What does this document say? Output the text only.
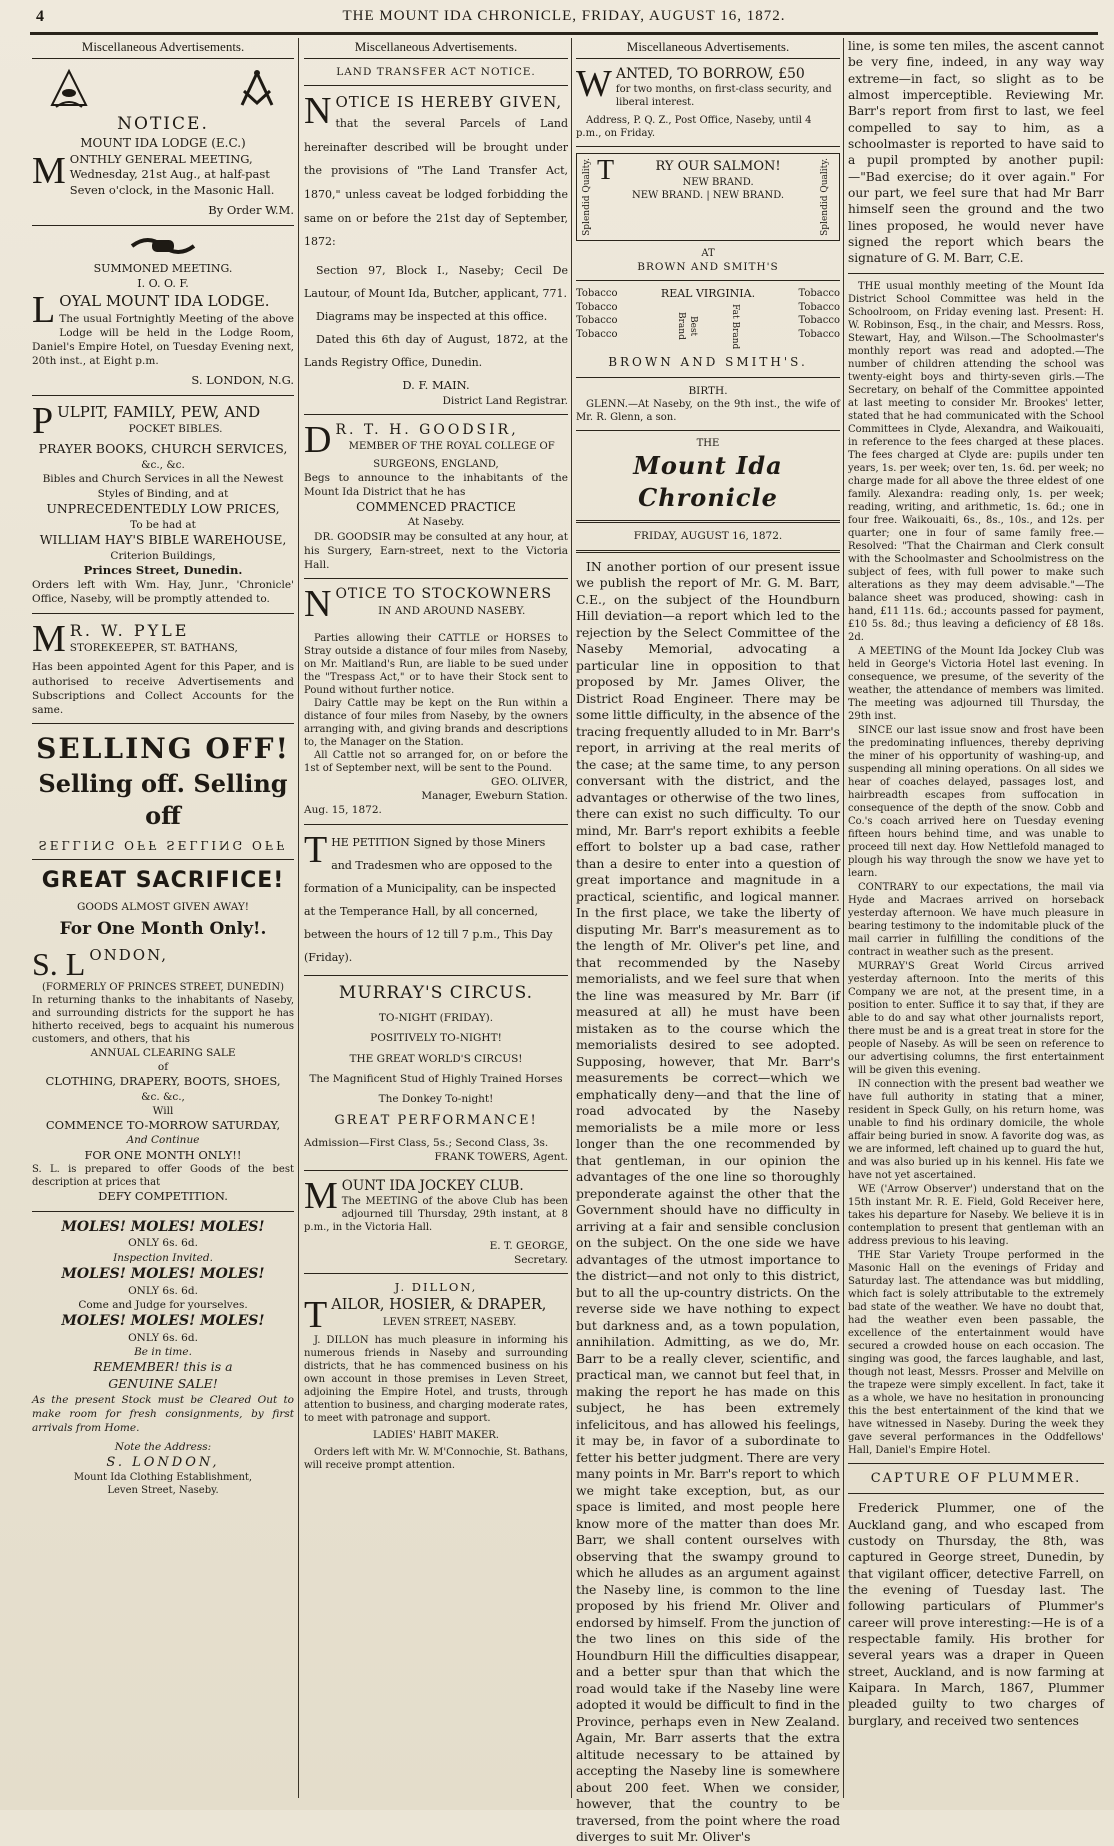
4	THE MOUNT IDA CHRONICLE, FRIDAY, AUGUST 16, 1872.
Miscellaneous Advertisements.
NOTICE.
MOUNT IDA LODGE (E.C.)
M ONTHLY GENERAL MEETING, Wednesday, 21st Aug., at half-past Seven o'clock, in the Masonic Hall.
By Order W.M.
SUMMONED MEETING.
I. O. O. F.
L OYAL MOUNT IDA LODGE.
The usual Fortnightly Meeting of the above Lodge will be held in the Lodge Room, Daniel's Empire Hotel, on Tuesday Evening next, 20th inst., at Eight p.m.
S. LONDON, N.G.
P ULPIT, FAMILY, PEW, AND
POCKET BIBLES.
PRAYER BOOKS, CHURCH SERVICES,
&c., &c.
Bibles and Church Services in all the Newest Styles of Binding, and at
UNPRECEDENTEDLY LOW PRICES,
To be had at
WILLIAM HAY'S BIBLE WAREHOUSE,
Criterion Buildings,
Princes Street, Dunedin.
Orders left with Wm. Hay, Junr., 'Chronicle' Office, Naseby, will be promptly attended to.
M R. W. PYLE
STOREKEEPER, ST. BATHANS,
Has been appointed Agent for this Paper, and is authorised to receive Advertisements and Subscriptions and Collect Accounts for the same.
SELLING OFF!
Selling off. Selling off
SELLING OFF SELLING OFF
GREAT SACRIFICE!
GOODS ALMOST GIVEN AWAY!
For One Month Only!.
S. L ONDON,
(FORMERLY OF PRINCES STREET, DUNEDIN)
In returning thanks to the inhabitants of Naseby, and surrounding districts for the support he has hitherto received, begs to acquaint his numerous customers, and others, that his
ANNUAL CLEARING SALE
of
CLOTHING, DRAPERY, BOOTS, SHOES,
&c. &c.,
Will
COMMENCE TO-MORROW SATURDAY,
And Continue
FOR ONE MONTH ONLY!!
S. L. is prepared to offer Goods of the best description at prices that
DEFY COMPETITION.
MOLES! MOLES! MOLES!
ONLY 6s. 6d.
Inspection Invited.
MOLES! MOLES! MOLES!
ONLY 6s. 6d.
Come and Judge for yourselves.
MOLES! MOLES! MOLES!
ONLY 6s. 6d.
Be in time.
REMEMBER! this is a
GENUINE SALE!
As the present Stock must be Cleared Out to make room for fresh consignments, by first arrivals from Home.
Note the Address:
S. LONDON,
Mount Ida Clothing Establishment,
Leven Street, Naseby.
Miscellaneous Advertisements.
LAND TRANSFER ACT NOTICE.
N OTICE IS HEREBY GIVEN,
that the several Parcels of Land hereinafter described will be brought under the provisions of "The Land Transfer Act, 1870," unless caveat be lodged forbidding the same on or before the 21st day of September, 1872:
Section 97, Block I., Naseby; Cecil De Lautour, of Mount Ida, Butcher, applicant, 771.
Diagrams may be inspected at this office.
Dated this 6th day of August, 1872, at the Lands Registry Office, Dunedin.
D. F. MAIN.
District Land Registrar.
D R. T. H. GOODSIR,
MEMBER OF THE ROYAL COLLEGE OF
SURGEONS, ENGLAND,
Begs to announce to the inhabitants of the Mount Ida District that he has
COMMENCED PRACTICE
At Naseby.
DR. GOODSIR may be consulted at any hour, at his Surgery, Earn-street, next to the Victoria Hall.
N OTICE TO STOCKOWNERS
IN AND AROUND NASEBY.
Parties allowing their CATTLE or HORSES to Stray outside a distance of four miles from Naseby, on Mr. Maitland's Run, are liable to be sued under the "Trespass Act," or to have their Stock sent to Pound without further notice.
Dairy Cattle may be kept on the Run within a distance of four miles from Naseby, by the owners arranging with, and giving brands and descriptions to, the Manager on the Station.
All Cattle not so arranged for, on or before the 1st of September next, will be sent to the Pound.
GEO. OLIVER,
Manager, Eweburn Station.
Aug. 15, 1872.
T HE PETITION Signed by those Miners and Tradesmen who are opposed to the formation of a Municipality, can be inspected at the Temperance Hall, by all concerned, between the hours of 12 till 7 p.m., This Day (Friday).
MURRAY'S CIRCUS.
TO-NIGHT (FRIDAY).
POSITIVELY TO-NIGHT!
THE GREAT WORLD'S CIRCUS!
The Magnificent Stud of Highly Trained Horses
The Donkey To-night!
GREAT PERFORMANCE!
Admission—First Class, 5s.; Second Class, 3s.
FRANK TOWERS, Agent.
M OUNT IDA JOCKEY CLUB.
The MEETING of the above Club has been adjourned till Thursday, 29th instant, at 8 p.m., in the Victoria Hall.
E. T. GEORGE,
Secretary.
J. DILLON,
T AILOR, HOSIER, & DRAPER,
LEVEN STREET, NASEBY.
J. DILLON has much pleasure in informing his numerous friends in Naseby and surrounding districts, that he has commenced business on his own account in those premises in Leven Street, adjoining the Empire Hotel, and trusts, through attention to business, and charging moderate rates, to meet with patronage and support.
LADIES' HABIT MAKER.
Orders left with Mr. W. M'Connochie, St. Bathans, will receive prompt attention.
Miscellaneous Advertisements.
W ANTED, TO BORROW, £50
for two months, on first-class security, and liberal interest.
Address, P. Q. Z., Post Office, Naseby, until 4 p.m., on Friday.
Splendid Quality. T	RY OUR SALMON!
NEW BRAND.
NEW BRAND. | NEW BRAND.	Splendid Quality.
AT
BROWN AND SMITH'S
Tobacco
Tobacco
Tobacco
Tobacco
REAL VIRGINIA.
Best Brand	Fat Brand
Tobacco
Tobacco
Tobacco
Tobacco
BROWN AND SMITH'S.
BIRTH.
GLENN.—At Naseby, on the 9th inst., the wife of Mr. R. Glenn, a son.
THE
Mount Ida Chronicle
FRIDAY, AUGUST 16, 1872.

IN another portion of our present issue we publish the report of Mr. G. M. Barr, C.E., on the subject of the Houndburn Hill deviation—a report which led to the rejection by the Select Committee of the Naseby Memorial, advocating a particular line in opposition to that proposed by Mr. James Oliver, the District Road Engineer. There may be some little difficulty, in the absence of the tracing frequently alluded to in Mr. Barr's report, in arriving at the real merits of the case; at the same time, to any person conversant with the district, and the advantages or otherwise of the two lines, there can exist no such difficulty. To our mind, Mr. Barr's report exhibits a feeble effort to bolster up a bad case, rather than a desire to enter into a question of great importance and magnitude in a practical, scientific, and logical manner. In the first place, we take the liberty of disputing Mr. Barr's measurement as to the length of Mr. Oliver's pet line, and that recommended by the Naseby memorialists, and we feel sure that when the line was measured by Mr. Barr (if measured at all) he must have been mistaken as to the course which the memorialists desired to see adopted. Supposing, however, that Mr. Barr's measurements be correct—which we emphatically deny—and that the line of road advocated by the Naseby memorialists be a mile more or less longer than the one recommended by that gentleman, in our opinion the advantages of the one line so thoroughly preponderate against the other that the Government should have no difficulty in arriving at a fair and sensible conclusion on the subject. On the one side we have advantages of the utmost importance to the district—and not only to this district, but to all the up-country districts. On the reverse side we have nothing to expect but darkness and, as a town population, annihilation. Admitting, as we do, Mr. Barr to be a really clever, scientific, and practical man, we cannot but feel that, in making the report he has made on this subject, he has been extremely infelicitous, and has allowed his feelings, it may be, in favor of a subordinate to fetter his better judgment. There are very many points in Mr. Barr's report to which we might take exception, but, as our space is limited, and most people here know more of the matter than does Mr. Barr, we shall content ourselves with observing that the swampy ground to which he alludes as an argument against the Naseby line, is common to the line proposed by his friend Mr. Oliver and endorsed by himself. From the junction of the two lines on this side of the Houndburn Hill the difficulties disappear, and a better spur than that which the road would take if the Naseby line were adopted it would be difficult to find in the Province, perhaps even in New Zealand. Again, Mr. Barr asserts that the extra altitude necessary to be attained by accepting the Naseby line is somewhere about 200 feet. When we consider, however, that the country to be traversed, from the point where the road diverges to suit Mr. Oliver's

line, is some ten miles, the ascent cannot be very fine, indeed, in any way way extreme—in fact, so slight as to be almost imperceptible. Reviewing Mr. Barr's report from first to last, we feel compelled to say to him, as a schoolmaster is reported to have said to a pupil prompted by another pupil:—"Bad exercise; do it over again." For our part, we feel sure that had Mr Barr himself seen the ground and the two lines proposed, he would never have signed the report which bears the signature of G. M. Barr, C.E.

THE usual monthly meeting of the Mount Ida District School Committee was held in the Schoolroom, on Friday evening last. Present: H. W. Robinson, Esq., in the chair, and Messrs. Ross, Stewart, Hay, and Wilson.—The Schoolmaster's monthly report was read and adopted.—The number of children attending the school was twenty-eight boys and thirty-seven girls.—The Secretary, on behalf of the Committee appointed at last meeting to consider Mr. Brookes' letter, stated that he had communicated with the School Committees in Clyde, Alexandra, and Waikouaiti, in reference to the fees charged at these places. The fees charged at Clyde are: pupils under ten years, 1s. per week; over ten, 1s. 6d. per week; no charge made for all above the three eldest of one family. Alexandra: reading only, 1s. per week; reading, writing, and arithmetic, 1s. 6d.; one in four free. Waikouaiti, 6s., 8s., 10s., and 12s. per quarter; one in four of same family free.—Resolved: "That the Chairman and Clerk consult with the Schoolmaster and Schoolmistress on the subject of fees, with full power to make such alterations as they may deem advisable."—The balance sheet was produced, showing: cash in hand, £11 11s. 6d.; accounts passed for payment, £10 5s. 8d.; thus leaving a deficiency of £8 18s. 2d.

A MEETING of the Mount Ida Jockey Club was held in George's Victoria Hotel last evening. In consequence, we presume, of the severity of the weather, the attendance of members was limited. The meeting was adjourned till Thursday, the 29th inst.

SINCE our last issue snow and frost have been the predominating influences, thereby depriving the miner of his opportunity of washing-up, and suspending all mining operations. On all sides we hear of coaches delayed, passages lost, and hairbreadth escapes from suffocation in consequence of the depth of the snow. Cobb and Co.'s coach arrived here on Tuesday evening fifteen hours behind time, and was unable to proceed till next day. How Nettlefold managed to plough his way through the snow we have yet to learn.

CONTRARY to our expectations, the mail via Hyde and Macraes arrived on horseback yesterday afternoon. We have much pleasure in bearing testimony to the indomitable pluck of the mail carrier in fulfilling the conditions of the contract in weather such as the present.

MURRAY'S Great World Circus arrived yesterday afternoon. Into the merits of this Company we are not, at the present time, in a position to enter. Suffice it to say that, if they are able to do and say what other journalists report, there must be and is a great treat in store for the people of Naseby. As will be seen on reference to our advertising columns, the first entertainment will be given this evening.

IN connection with the present bad weather we have full authority in stating that a miner, resident in Speck Gully, on his return home, was unable to find his ordinary domicile, the whole affair being buried in snow. A favorite dog was, as we are informed, left chained up to guard the hut, and was also buried up in his kennel. His fate we have not yet ascertained.

WE ('Arrow Observer') understand that on the 15th instant Mr. R. E. Field, Gold Receiver here, takes his departure for Naseby. We believe it is in contemplation to present that gentleman with an address previous to his leaving.

THE Star Variety Troupe performed in the Masonic Hall on the evenings of Friday and Saturday last. The attendance was but middling, which fact is solely attributable to the extremely bad state of the weather. We have no doubt that, had the weather even been passable, the excellence of the entertainment would have secured a crowded house on each occasion. The singing was good, the farces laughable, and last, though not least, Messrs. Prosser and Melville on the trapeze were simply excellent. In fact, take it as a whole, we have no hesitation in pronouncing this the best entertainment of the kind that we have witnessed in Naseby. During the week they gave several performances in the Oddfellows' Hall, Daniel's Empire Hotel.

CAPTURE OF PLUMMER.
Frederick Plummer, one of the Auckland gang, and who escaped from custody on Thursday, the 8th, was captured in George street, Dunedin, by that vigilant officer, detective Farrell, on the evening of Tuesday last. The following particulars of Plummer's career will prove interesting:—He is of a respectable family. His brother for several years was a draper in Queen street, Auckland, and is now farming at Kaipara. In March, 1867, Plummer pleaded guilty to two charges of burglary, and received two sentences
